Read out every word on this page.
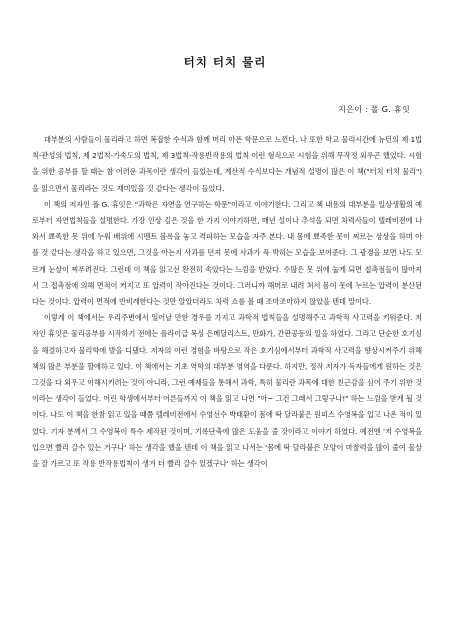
터치 터치 물리
지은이 : 폴 G. 휴잇

대부분의 사람들이 물리라고 하면 복잡한 수식과 함께 머리 아픈 학문으로 느낀다. 나 또한 학교 물리시간에 뉴턴의 제 1법칙-관성의 법칙, 제 2법칙-가속도의 법칙, 제 3법칙-작용반작용의 법칙 이런 형식으로 시험을 위해 무작정 외우곤 했었다. 시험을 위한 공부를 할 때는 참 어려운 과목이란 생각이 들었는데, 계산적 수식보다는 개념적 설명이 많은 이 책("터치 터치 물리")을 읽으면서 물리라는 것도 재미있을 것 같다는 생각이 들었다.

이 책의 저자인 폴 G. 휴잇은 "과학은 자연을 연구하는 학문"이라고 이야기한다. 그리고 책 내용의 대부분을 일상생활의 예로부터 자연법칙들을 설명한다. 가장 인상 깊은 것을 한 가지 이야기하면, 매년 설이나 추석을 되면 차력사들이 텔레비전에 나와서 뾰족한 못 위에 누워 배위에 시멘트 블록을 놓고 격파하는 모습을 자주 본다. 내 몸에 뾰족한 못이 찌르는 상상을 하며 아플 것 같다는 생각을 하고 있으면, 그것을 아는지 사과를 던져 못에 사과가 푹 박히는 모습을 보여준다. 그 광경을 보면 나도 모르게 눈살이 찌푸려진다. 그런데 이 책을 읽고선 완전히 속았다는 느낌을 받았다. 수많은 못 위에 눕게 되면 접촉점들이 많아져서 그 접촉점에 의해 면적이 커지고 또 압력이 작아진다는 것이다. 그러니까 해머로 내려 쳐서 몸이 못에 누르는 압력이 분산된다는 것이다. 압력이 면적에 반비례한다는 것만 알았더라도 차력 쇼를 볼 때 조마조마하지 않았을 텐데 말이다.

이렇게 이 책에서는 우리주변에서 일어날 만한 경우를 가지고 과학적 법칙들을 설명해주고 과학적 사고력을 키워준다. 저자인 휴잇은 물리공부를 시작하기 전에는 플라이급 복싱 은메달리스트, 만화가, 간판공등의 일을 하였다. 그리고 단순한 호기심을 해결하고자 물리학에 발을 디댔다. 저자의 이런 경험을 바탕으로 작은 호기심에서부터 과학적 사고력을 향상시켜주기 위해 책의 많은 부분을 할애하고 있다. 이 책에서는 기초 역학의 대부분 영역을 다룬다. 하지만, 정작 저자가 독자들에게 원하는 것은 그것을 다 외우고 이해시키려는 것이 아니라, 그런 예제들을 통해서 과학, 특히 물리란 과목에 대한 친근감을 심어 주기 위한 것이라는 생각이 들었다. 어린 학생에서부터 어른들까지 이 책을 읽고 나면 "아~ 그건 그래서 그렇구나!" 하는 느낌을 받게 될 것이다. 나도 이 책을 한참 읽고 있을 때쯤 텔레비전에서 수영선수 박태환이 몸에 딱 달라붙은 원피스 수영복을 입고 나온 적이 있었다. 기자 분께서 그 수영복이 특수 제작된 것이며, 기록단축에 많은 도움을 줄 것이라고 이야기 하였다. 예전엔 '저 수영복을 입으면 빨리 갈수 있는 거구나' 하는 생각을 했을 텐데 이 책을 읽고 나서는 '몸에 딱 달라붙은 모양이 마찰력을 많이 줄여 물살을 잘 가르고 또 작용 반작용법칙이 생겨 더 빨리 갈수 있겠구나' 하는 생각이
